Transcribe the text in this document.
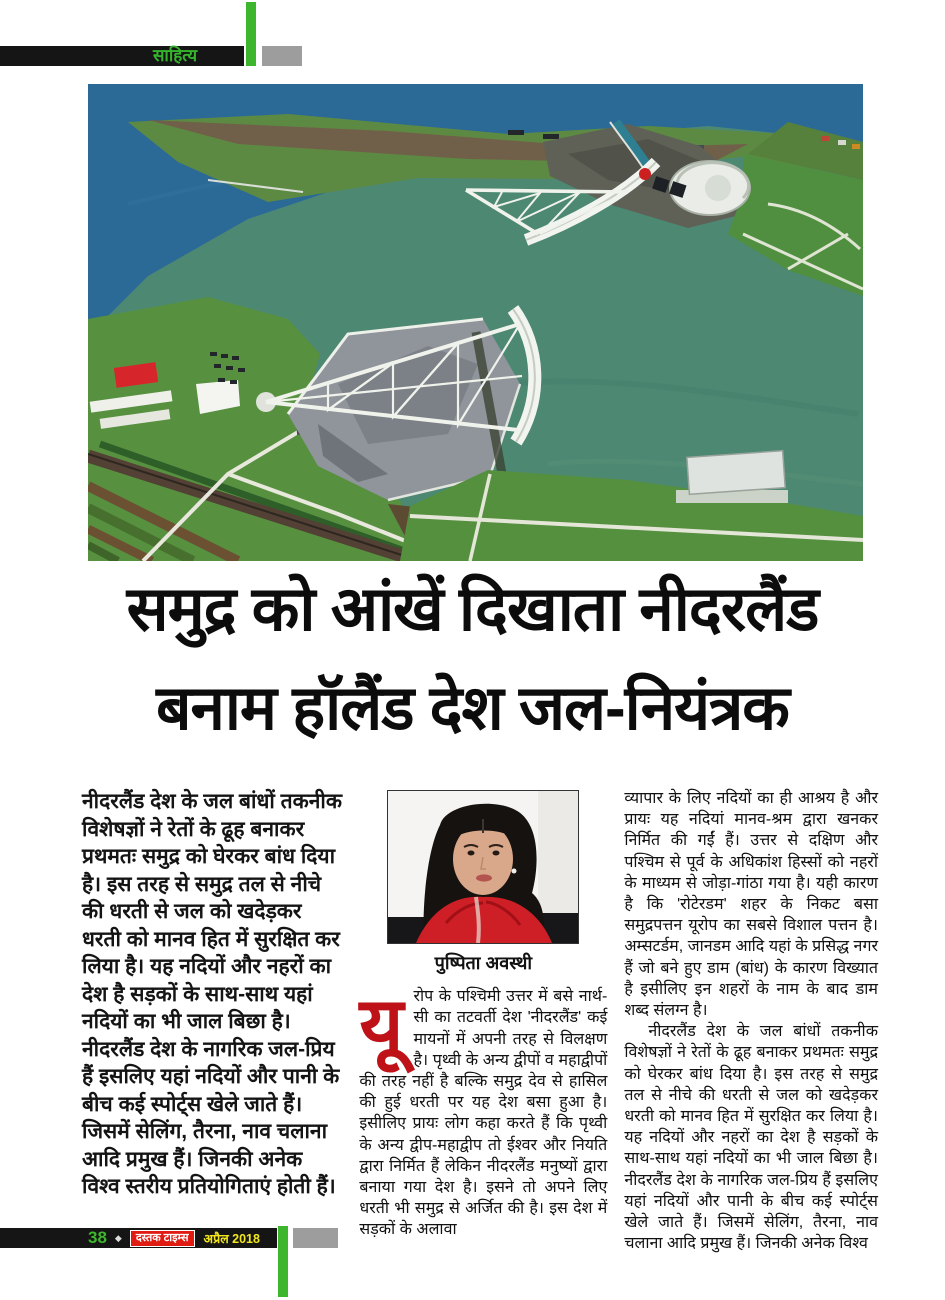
साहित्य
समुद्र को आंखें दिखाता नीदरलैंड
बनाम हॉलैंड देश जल-नियंत्रक

नीदरलैंड देश के जल बांधों तकनीक विशेषज्ञों ने रेतों के ढूह बनाकर प्रथमतः समुद्र को घेरकर बांध दिया है। इस तरह से समुद्र तल से नीचे की धरती से जल को खदेड़कर धरती को मानव हित में सुरक्षित कर लिया है। यह नदियों और नहरों का देश है सड़कों के साथ-साथ यहां नदियों का भी जाल बिछा है। नीदरलैंड देश के नागरिक जल-प्रिय हैं इसलिए यहां नदियों और पानी के बीच कई स्पोर्ट्स खेले जाते हैं। जिसमें सेलिंग, तैरना, नाव चलाना आदि प्रमुख हैं। जिनकी अनेक विश्व स्तरीय प्रतियोगिताएं होती हैं।

पुष्पिता अवस्थी

यूरोप के पश्चिमी उत्तर में बसे नार्थ-सी का तटवर्ती देश 'नीदरलैंड' कई मायनों में अपनी तरह से विलक्षण है। पृथ्वी के अन्य द्वीपों व महाद्वीपों की तरह नहीं है बल्कि समुद्र देव से हासिल की हुई धरती पर यह देश बसा हुआ है। इसीलिए प्रायः लोग कहा करते हैं कि पृथ्वी के अन्य द्वीप-महाद्वीप तो ईश्वर और नियति द्वारा निर्मित हैं लेकिन नीदरलैंड मनुष्यों द्वारा बनाया गया देश है। इसने तो अपने लिए धरती भी समुद्र से अर्जित की है। इस देश में सड़कों के अलावा

व्यापार के लिए नदियों का ही आश्रय है और प्रायः यह नदियां मानव-श्रम द्वारा खनकर निर्मित की गईं हैं। उत्तर से दक्षिण और पश्चिम से पूर्व के अधिकांश हिस्सों को नहरों के माध्यम से जोड़ा-गांठा गया है। यही कारण है कि 'रोटेरडम' शहर के निकट बसा समुद्रपत्तन यूरोप का सबसे विशाल पत्तन है। अम्सटर्डम, जानडम आदि यहां के प्रसिद्ध नगर हैं जो बने हुए डाम (बांध) के कारण विख्यात है इसीलिए इन शहरों के नाम के बाद डाम शब्द संलग्न है।

नीदरलैंड देश के जल बांधों तकनीक विशेषज्ञों ने रेतों के ढूह बनाकर प्रथमतः समुद्र को घेरकर बांध दिया है। इस तरह से समुद्र तल से नीचे की धरती से जल को खदेड़कर धरती को मानव हित में सुरक्षित कर लिया है। यह नदियों और नहरों का देश है सड़कों के साथ-साथ यहां नदियों का भी जाल बिछा है। नीदरलैंड देश के नागरिक जल-प्रिय हैं इसलिए यहां नदियों और पानी के बीच कई स्पोर्ट्स खेले जाते हैं। जिसमें सेलिंग, तैरना, नाव चलाना आदि प्रमुख हैं। जिनकी अनेक विश्व

38 ◆	दस्तक टाइम्स	अप्रैल 2018
